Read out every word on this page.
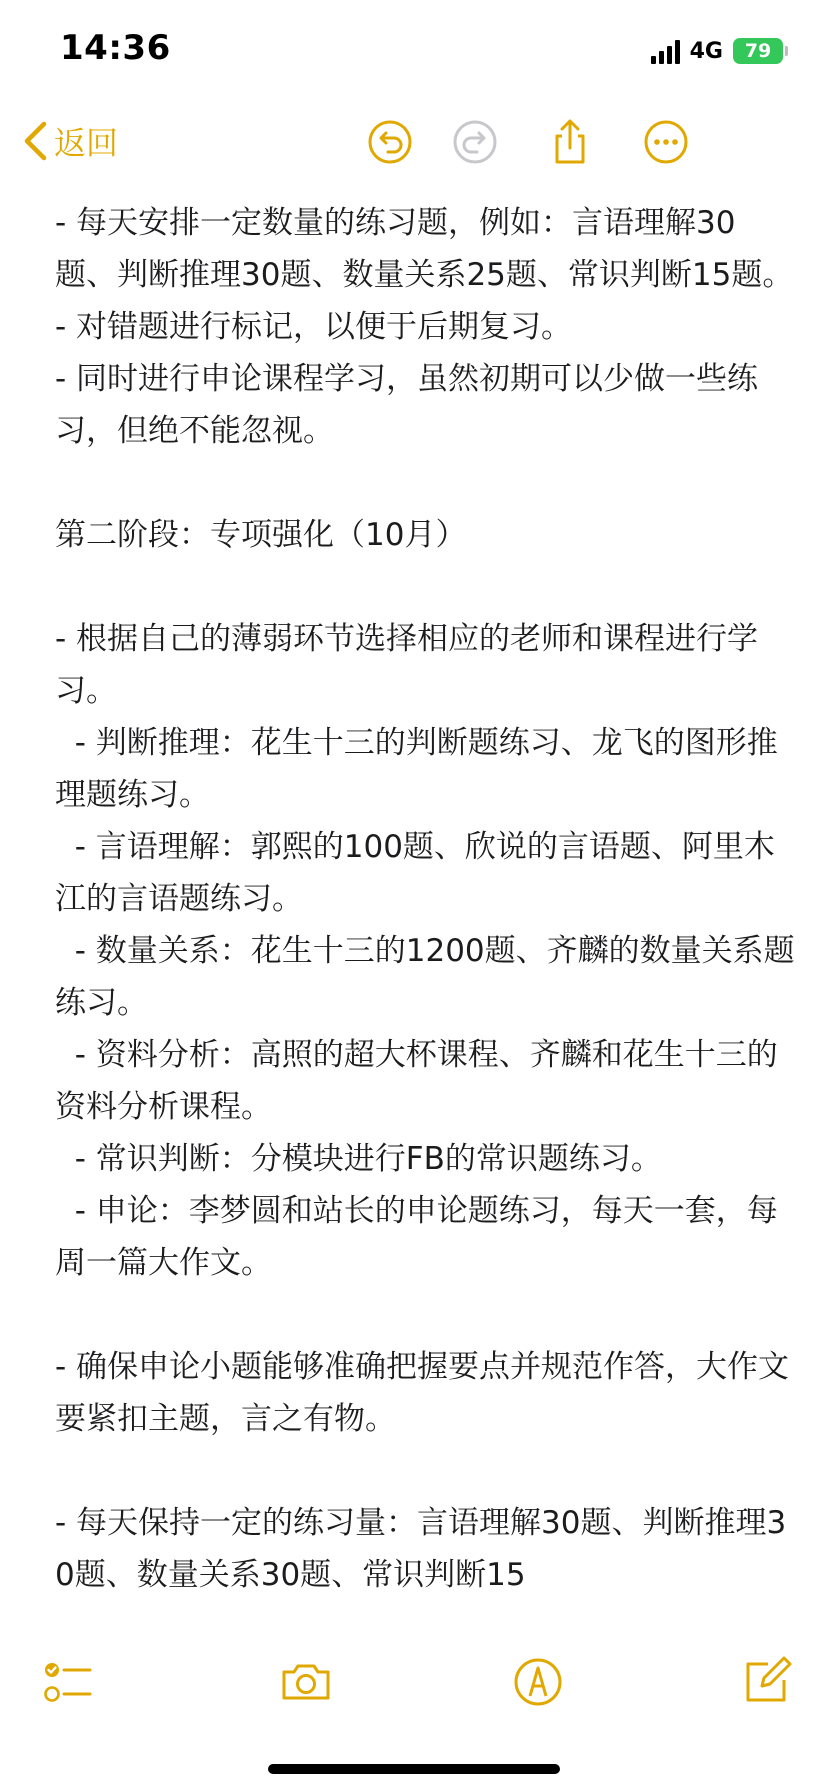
14:36	4G 79
返回
- 每天安排一定数量的练习题，例如：言语理解30题、判断推理30题、数量关系25题、常识判断15题。
- 对错题进行标记，以便于后期复习。
- 同时进行申论课程学习，虽然初期可以少做一些练习，但绝不能忽视。
第二阶段：专项强化（10月）
- 根据自己的薄弱环节选择相应的老师和课程进行学习。
- 判断推理：花生十三的判断题练习、龙飞的图形推理题练习。
- 言语理解：郭熙的100题、欣说的言语题、阿里木江的言语题练习。
- 数量关系：花生十三的1200题、齐麟的数量关系题练习。
- 资料分析：高照的超大杯课程、齐麟和花生十三的资料分析课程。
- 常识判断：分模块进行FB的常识题练习。
- 申论：李梦圆和站长的申论题练习，每天一套，每周一篇大作文。
- 确保申论小题能够准确把握要点并规范作答，大作文要紧扣主题，言之有物。
- 每天保持一定的练习量：言语理解30题、判断推理30题、数量关系30题、常识判断15
